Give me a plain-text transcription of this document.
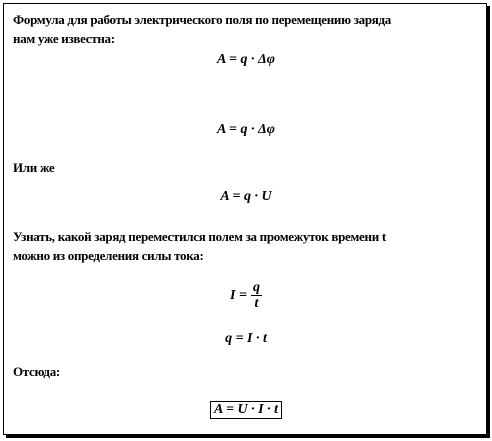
Формула для работы электрического поля по перемещению заряда
нам уже известна:
A = q · Δφ
A = q · Δφ
Или же
A = q · U
Узнать, какой заряд переместился полем за промежуток времени t
можно из определения силы тока:
$I = \frac{q}{t}$
q = I · t
Отсюда:
A = U · I · t
